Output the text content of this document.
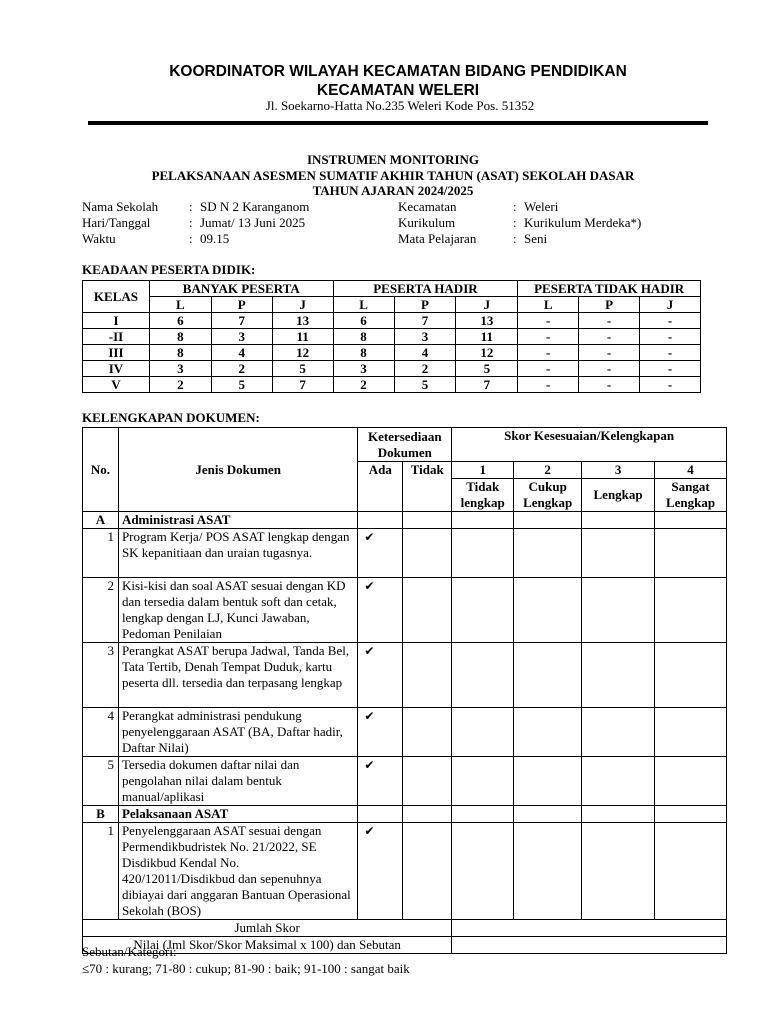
KOORDINATOR WILAYAH KECAMATAN BIDANG PENDIDIKAN
KECAMATAN WELERI
Jl. Soekarno-Hatta No.235 Weleri Kode Pos. 51352
INSTRUMEN MONITORING
PELAKSANAAN ASESMEN SUMATIF AKHIR TAHUN (ASAT) SEKOLAH DASAR
TAHUN AJARAN 2024/2025
Nama Sekolah : SD N 2 Karanganom
Hari/Tanggal	: Jumat/ 13 Juni 2025
Waktu	: 09.15
Kecamatan	: Weleri
Kurikulum	: Kurikulum Merdeka*)
Mata Pelajaran	: Seni
KEADAAN PESERTA DIDIK:
KELAS	BANYAK PESERTA			PESERTA HADIR			PESERTA TIDAK HADIR		
	L	P	J	L	P	J	L	P	J
I	6	7	13	6	7	13	-	-	-
-II	8	3	11	8	3	11	-	-	-
III	8	4	12	8	4	12	-	-	-
IV	3	2	5	3	2	5	-	-	-
V	2	5	7	2	5	7	-	-	-
KELENGKAPAN DOKUMEN:
No.	Jenis Dokumen	Ketersediaan Dokumen		Skor Kesesuaian/Kelengkapan			
		Ada	Tidak	1	2	3	4
				Tidak lengkap	Cukup Lengkap	Lengkap	Sangat Lengkap
A	Administrasi ASAT						
1	Program Kerja/ POS ASAT lengkap dengan SK kepanitiaan dan uraian tugasnya.	✔					
2	Kisi-kisi dan soal ASAT sesuai dengan KD dan tersedia dalam bentuk soft dan cetak, lengkap dengan LJ, Kunci Jawaban, Pedoman Penilaian	✔					
3	Perangkat ASAT berupa Jadwal, Tanda Bel, Tata Tertib, Denah Tempat Duduk, kartu peserta dll. tersedia dan terpasang lengkap	✔					
4	Perangkat administrasi pendukung penyelenggaraan ASAT (BA, Daftar hadir, Daftar Nilai)	✔					
5	Tersedia dokumen daftar nilai dan pengolahan nilai dalam bentuk manual/aplikasi	✔					
B	Pelaksanaan ASAT						
1	Penyelenggaraan ASAT sesuai dengan Permendikbudristek No. 21/2022, SE Disdikbud Kendal No. 420/12011/Disdikbud dan sepenuhnya dibiayai dari anggaran Bantuan Operasional Sekolah (BOS)	✔					
Jumlah Skor							
Nilai (Jml Skor/Skor Maksimal x 100) dan Sebutan							
Sebutan/Kategori:
≤70 : kurang; 71-80 : cukup; 81-90 : baik; 91-100 : sangat baik
